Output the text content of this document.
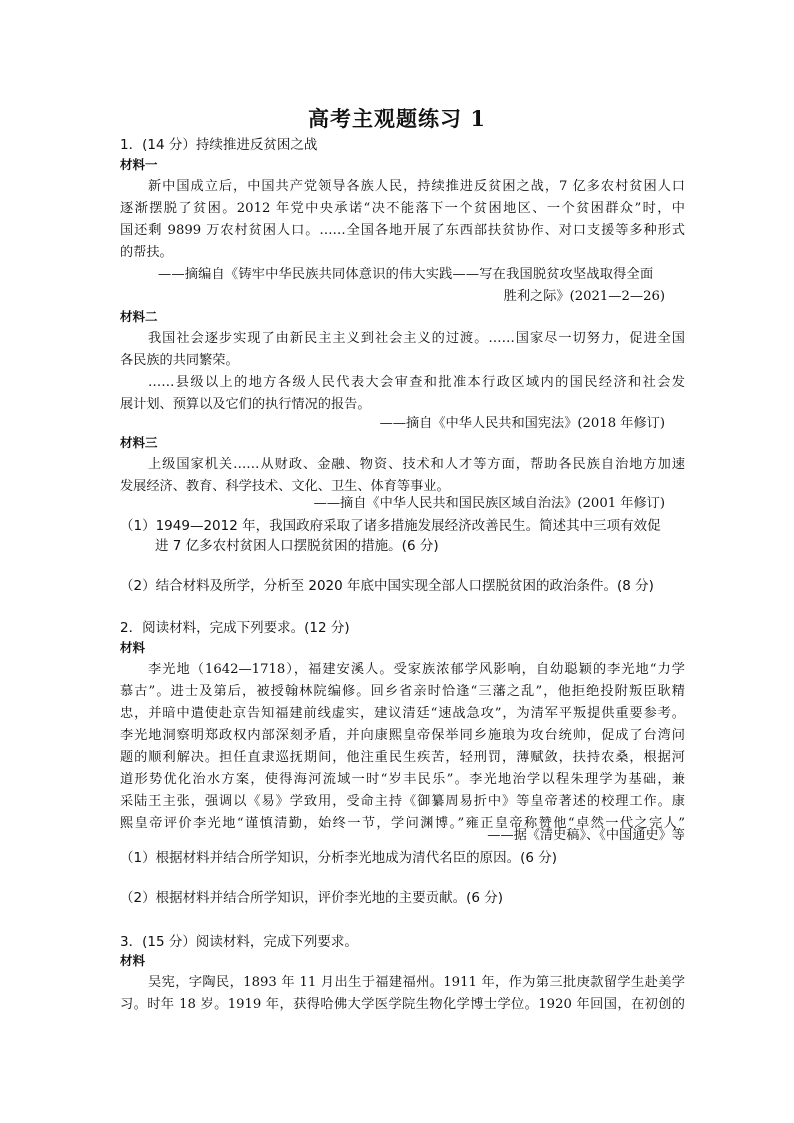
高考主观题练习 1
1．(14 分）持续推进反贫困之战
材料一
新中国成立后，中国共产党领导各族人民，持续推进反贫困之战，7 亿多农村贫困人口
逐渐摆脱了贫困。2012 年党中央承诺“决不能落下一个贫困地区、一个贫困群众”时，中
国还剩 9899 万农村贫困人口。……全国各地开展了东西部扶贫协作、对口支援等多种形式
的帮扶。
——摘编自《铸牢中华民族共同体意识的伟大实践——写在我国脱贫攻坚战取得全面
胜利之际》(2021—2—26)
材料二
我国社会逐步实现了由新民主主义到社会主义的过渡。……国家尽一切努力，促进全国
各民族的共同繁荣。
……县级以上的地方各级人民代表大会审查和批准本行政区域内的国民经济和社会发
展计划、预算以及它们的执行情况的报告。
——摘自《中华人民共和国宪法》(2018 年修订)
材料三
上级国家机关……从财政、金融、物资、技术和人才等方面，帮助各民族自治地方加速
发展经济、教育、科学技术、文化、卫生、体育等事业。
——摘自《中华人民共和国民族区域自治法》(2001 年修订)
（1）1949—2012 年，我国政府采取了诸多措施发展经济改善民生。简述其中三项有效促
进 7 亿多农村贫困人口摆脱贫困的措施。(6 分)
（2）结合材料及所学，分析至 2020 年底中国实现全部人口摆脱贫困的政治条件。(8 分)
2．阅读材料，完成下列要求。(12 分)
材料
李光地（1642—1718），福建安溪人。受家族浓郁学风影响，自幼聪颖的李光地“力学
慕古”。进士及第后，被授翰林院编修。回乡省亲时恰逢“三藩之乱”，他拒绝投附叛臣耿精
忠，并暗中遣使赴京告知福建前线虚实，建议清廷“速战急攻”，为清军平叛提供重要参考。
李光地洞察明郑政权内部深刻矛盾，并向康熙皇帝保举同乡施琅为攻台统帅，促成了台湾问
题的顺利解决。担任直隶巡抚期间，他注重民生疾苦，轻刑罚，薄赋敛，扶持农桑，根据河
道形势优化治水方案，使得海河流域一时“岁丰民乐”。李光地治学以程朱理学为基础，兼
采陆王主张，强调以《易》学致用，受命主持《御纂周易折中》等皇帝著述的校理工作。康
熙皇帝评价李光地“谨慎清勤，始终一节，学问渊博。”雍正皇帝称赞他“卓然一代之完人”
——据《清史稿》、《中国通史》等
（1）根据材料并结合所学知识，分析李光地成为清代名臣的原因。(6 分)
（2）根据材料并结合所学知识，评价李光地的主要贡献。(6 分)
3．(15 分）阅读材料，完成下列要求。
材料
吴宪，字陶民，1893 年 11 月出生于福建福州。1911 年，作为第三批庚款留学生赴美学
习。时年 18 岁。1919 年，获得哈佛大学医学院生物化学博士学位。1920 年回国，在初创的
